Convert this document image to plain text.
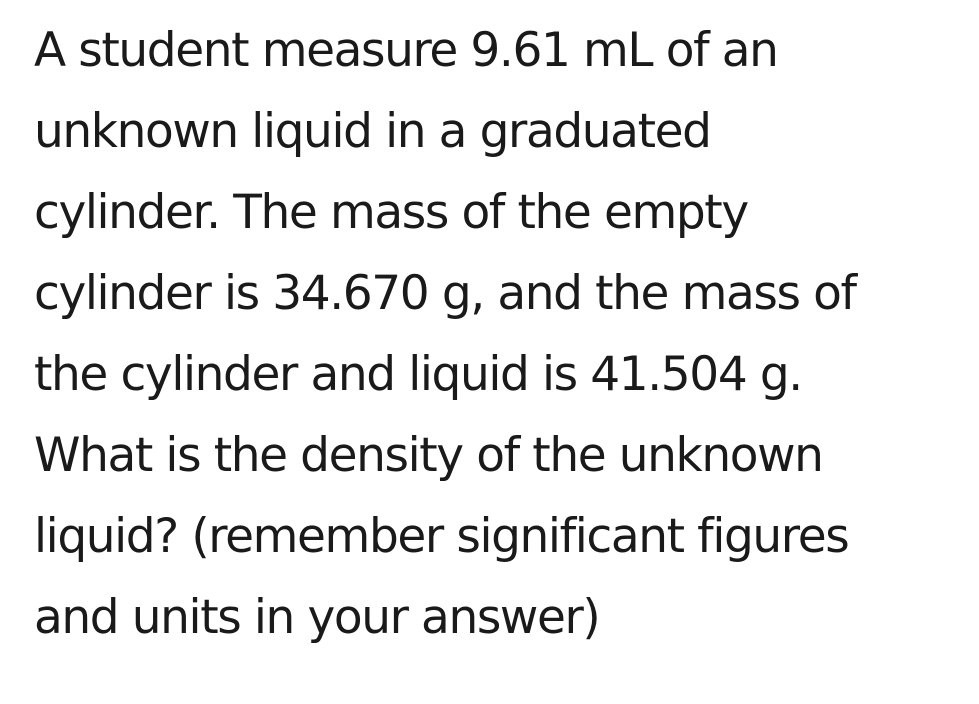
A student measure 9.61 mL of an
unknown liquid in a graduated
cylinder. The mass of the empty
cylinder is 34.670 g, and the mass of
the cylinder and liquid is 41.504 g.
What is the density of the unknown
liquid? (remember significant figures
and units in your answer)
